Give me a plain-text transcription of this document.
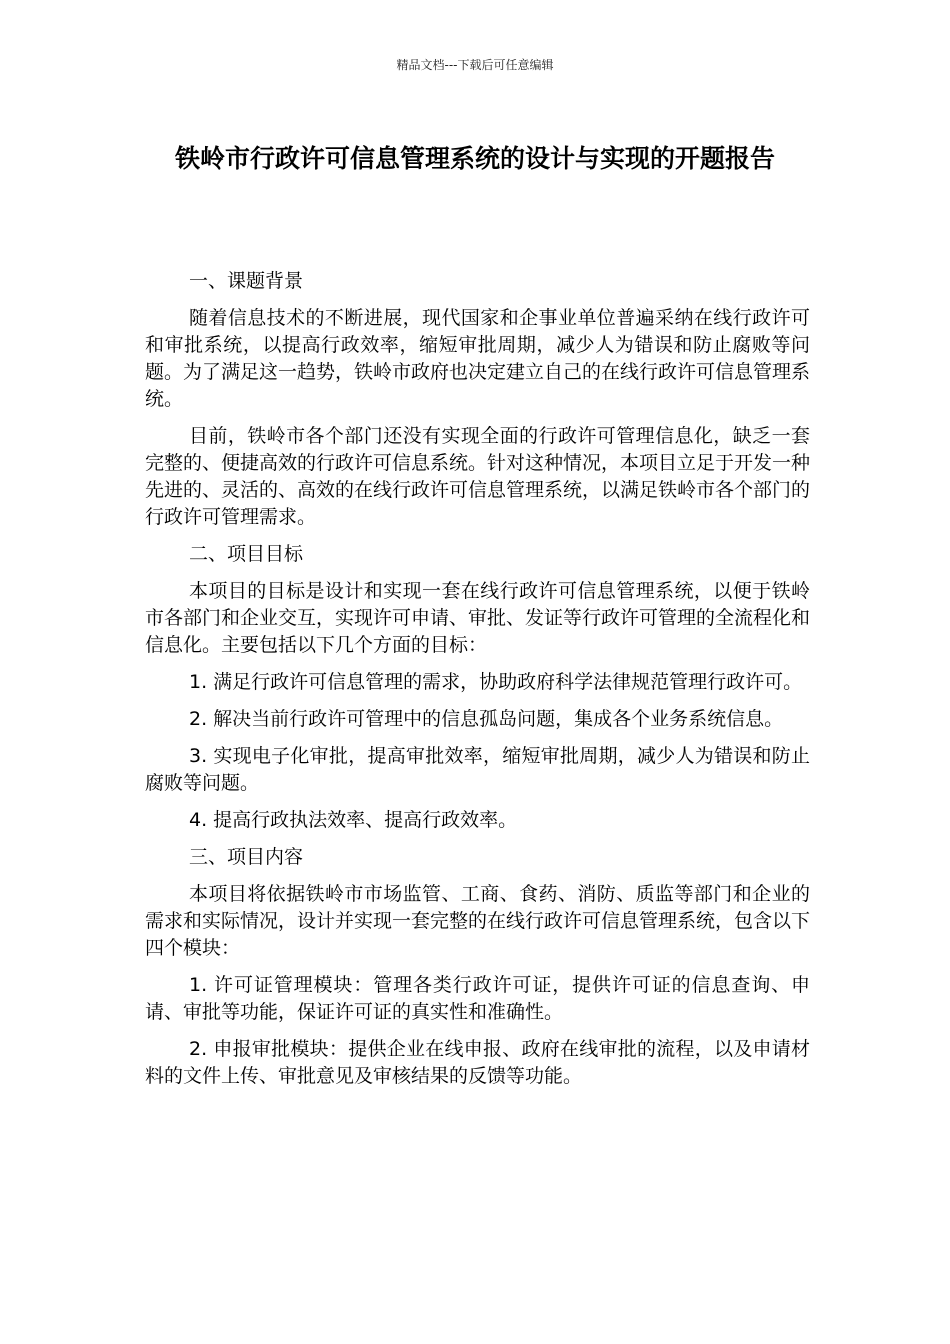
精品文档---下载后可任意编辑
铁岭市行政许可信息管理系统的设计与实现的开题报告

一、课题背景

随着信息技术的不断进展，现代国家和企事业单位普遍采纳在线行政许可和审批系统，以提高行政效率，缩短审批周期，减少人为错误和防止腐败等问题。为了满足这一趋势，铁岭市政府也决定建立自己的在线行政许可信息管理系统。

目前，铁岭市各个部门还没有实现全面的行政许可管理信息化，缺乏一套完整的、便捷高效的行政许可信息系统。针对这种情况，本项目立足于开发一种先进的、灵活的、高效的在线行政许可信息管理系统，以满足铁岭市各个部门的行政许可管理需求。

二、项目目标

本项目的目标是设计和实现一套在线行政许可信息管理系统，以便于铁岭市各部门和企业交互，实现许可申请、审批、发证等行政许可管理的全流程化和信息化。主要包括以下几个方面的目标：

1. 满足行政许可信息管理的需求，协助政府科学法律规范管理行政许可。

2. 解决当前行政许可管理中的信息孤岛问题，集成各个业务系统信息。

3. 实现电子化审批，提高审批效率，缩短审批周期，减少人为错误和防止腐败等问题。

4. 提高行政执法效率、提高行政效率。

三、项目内容

本项目将依据铁岭市市场监管、工商、食药、消防、质监等部门和企业的需求和实际情况，设计并实现一套完整的在线行政许可信息管理系统，包含以下四个模块：

1. 许可证管理模块：管理各类行政许可证，提供许可证的信息查询、申请、审批等功能，保证许可证的真实性和准确性。

2. 申报审批模块：提供企业在线申报、政府在线审批的流程，以及申请材料的文件上传、审批意见及审核结果的反馈等功能。
